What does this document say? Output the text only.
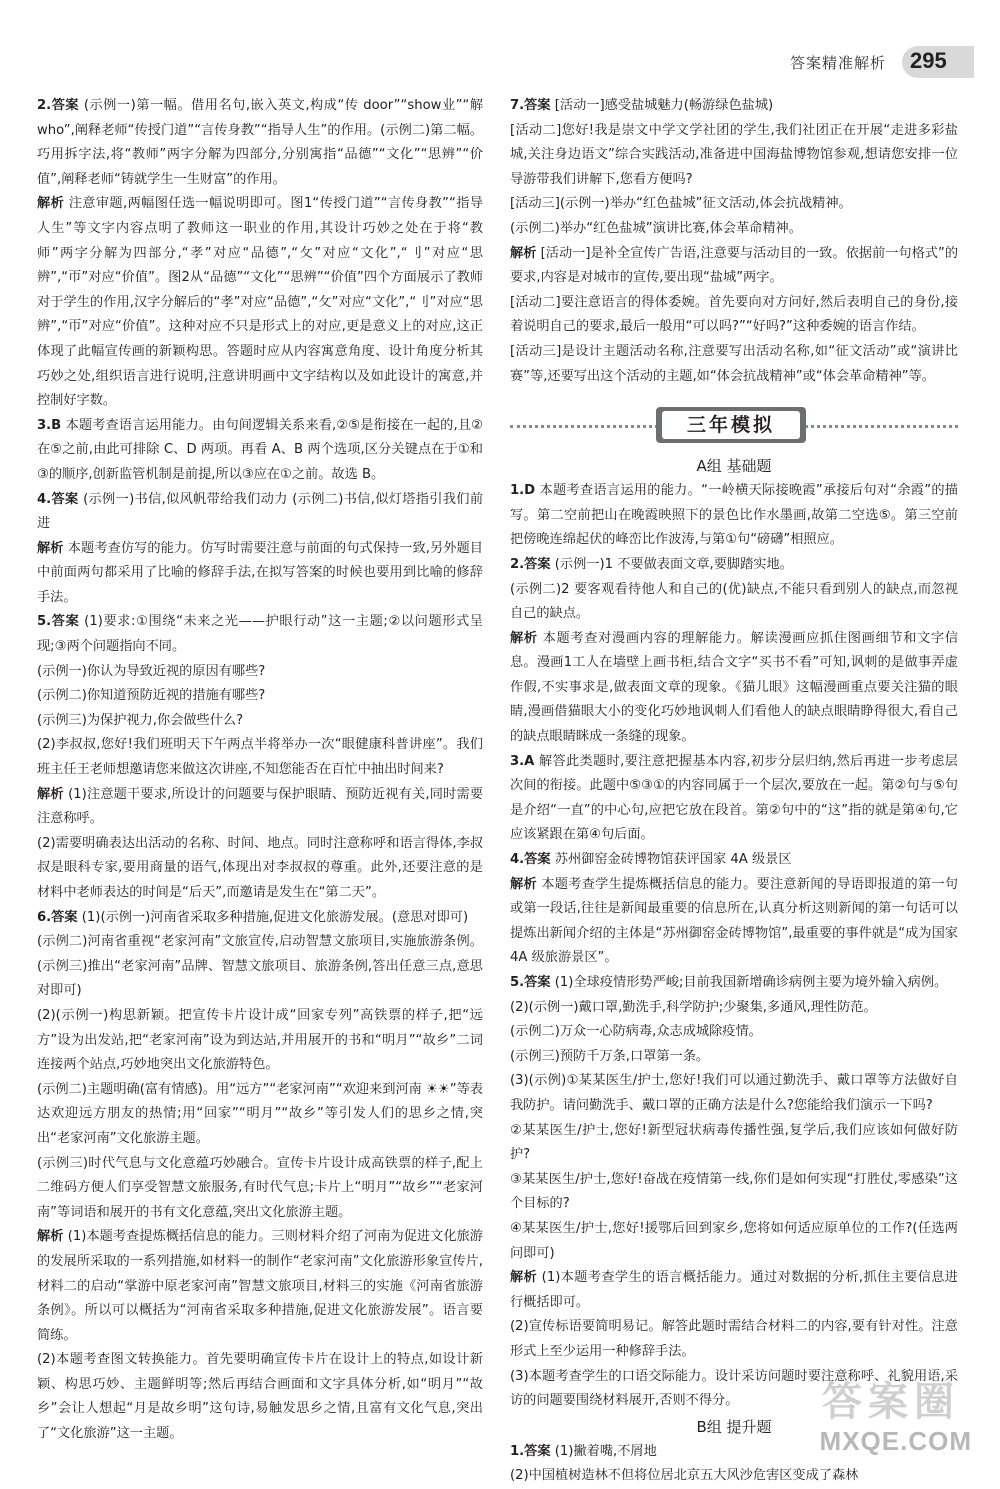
答案精准解析 295

2.答案 (示例一)第一幅。借用名句,嵌入英文,构成“传 door”“show业”“解 who”,阐释老师“传授门道”“言传身教”“指导人生”的作用。(示例二)第二幅。巧用拆字法,将“教师”两字分解为四部分,分别寓指“品德”“文化”“思辨”“价值”,阐释老师“铸就学生一生财富”的作用。

解析 注意审题,两幅图任选一幅说明即可。图1“传授门道”“言传身教”“指导人生”等文字内容点明了教师这一职业的作用,其设计巧妙之处在于将“教师”两字分解为四部分,“孝”对应“品德”,“攵”对应“文化”,“刂”对应“思辨”,“帀”对应“价值”。图2从“品德”“文化”“思辨”“价值”四个方面展示了教师对于学生的作用,汉字分解后的“孝”对应“品德”,“攵”对应“文化”,“刂”对应“思辨”,“帀”对应“价值”。这种对应不只是形式上的对应,更是意义上的对应,这正体现了此幅宣传画的新颖构思。答题时应从内容寓意角度、设计角度分析其巧妙之处,组织语言进行说明,注意讲明画中文字结构以及如此设计的寓意,并控制好字数。

3.B 本题考查语言运用能力。由句间逻辑关系来看,②⑤是衔接在一起的,且②在⑤之前,由此可排除 C、D 两项。再看 A、B 两个选项,区分关键点在于①和③的顺序,创新监管机制是前提,所以③应在①之前。故选 B。

4.答案 (示例一)书信,似风帆带给我们动力 (示例二)书信,似灯塔指引我们前进

解析 本题考查仿写的能力。仿写时需要注意与前面的句式保持一致,另外题目中前面两句都采用了比喻的修辞手法,在拟写答案的时候也要用到比喻的修辞手法。

5.答案 (1)要求:①围绕“未来之光——护眼行动”这一主题;②以问题形式呈现;③两个问题指向不同。

(示例一)你认为导致近视的原因有哪些?

(示例二)你知道预防近视的措施有哪些?

(示例三)为保护视力,你会做些什么?

(2)李叔叔,您好!我们班明天下午两点半将举办一次“眼健康科普讲座”。我们班主任王老师想邀请您来做这次讲座,不知您能否在百忙中抽出时间来?

解析 (1)注意题干要求,所设计的问题要与保护眼睛、预防近视有关,同时需要注意称呼。

(2)需要明确表达出活动的名称、时间、地点。同时注意称呼和语言得体,李叔叔是眼科专家,要用商量的语气,体现出对李叔叔的尊重。此外,还要注意的是材料中老师表达的时间是“后天”,而邀请是发生在“第二天”。

6.答案 (1)(示例一)河南省采取多种措施,促进文化旅游发展。(意思对即可)

(示例二)河南省重视“老家河南”文旅宣传,启动智慧文旅项目,实施旅游条例。(示例三)推出“老家河南”品牌、智慧文旅项目、旅游条例,答出任意三点,意思对即可)

(2)(示例一)构思新颖。把宣传卡片设计成“回家专列”高铁票的样子,把“远方”设为出发站,把“老家河南”设为到达站,并用展开的书和“明月”“故乡”二词连接两个站点,巧妙地突出文化旅游特色。

(示例二)主题明确(富有情感)。用“远方”“老家河南”“欢迎来到河南 ☀☀”等表达欢迎远方朋友的热情;用“回家”“明月”“故乡”等引发人们的思乡之情,突出“老家河南”文化旅游主题。

(示例三)时代气息与文化意蕴巧妙融合。宣传卡片设计成高铁票的样子,配上二维码方便人们享受智慧文旅服务,有时代气息;卡片上“明月”“故乡”“老家河南”等词语和展开的书有文化意蕴,突出文化旅游主题。

解析 (1)本题考查提炼概括信息的能力。三则材料介绍了河南为促进文化旅游的发展所采取的一系列措施,如材料一的制作“老家河南”文化旅游形象宣传片,材料二的启动“掌游中原老家河南”智慧文旅项目,材料三的实施《河南省旅游条例》。所以可以概括为“河南省采取多种措施,促进文化旅游发展”。语言要简练。

(2)本题考查图文转换能力。首先要明确宣传卡片在设计上的特点,如设计新颖、构思巧妙、主题鲜明等;然后再结合画面和文字具体分析,如“明月”“故乡”会让人想起“月是故乡明”这句诗,易触发思乡之情,且富有文化气息,突出了“文化旅游”这一主题。

7.答案 [活动一]感受盐城魅力(畅游绿色盐城)

[活动二]您好!我是崇文中学文学社团的学生,我们社团正在开展“走进多彩盐城,关注身边语文”综合实践活动,准备进中国海盐博物馆参观,想请您安排一位导游带我们讲解下,您看方便吗?

[活动三](示例一)举办“红色盐城”征文活动,体会抗战精神。

(示例二)举办“红色盐城”演讲比赛,体会革命精神。

解析 [活动一]是补全宣传广告语,注意要与活动目的一致。依据前一句格式”的要求,内容是对城市的宣传,要出现“盐城”两字。

[活动二]要注意语言的得体委婉。首先要向对方问好,然后表明自己的身份,接着说明自己的要求,最后一般用“可以吗?”“好吗?”这种委婉的语言作结。

[活动三]是设计主题活动名称,注意要写出活动名称,如“征文活动”或“演讲比赛”等,还要写出这个活动的主题,如“体会抗战精神”或“体会革命精神”等。

三年模拟

A组 基础题

1.D 本题考查语言运用的能力。“一岭横天际接晚霞”承接后句对“余霞”的描写。第二空前把山在晚霞映照下的景色比作水墨画,故第二空选⑤。第三空前把傍晚连绵起伏的峰峦比作波涛,与第①句“磅礴”相照应。

2.答案 (示例一)1 不要做表面文章,要脚踏实地。

(示例二)2 要客观看待他人和自己的(优)缺点,不能只看到别人的缺点,而忽视自己的缺点。

解析 本题考查对漫画内容的理解能力。解读漫画应抓住图画细节和文字信息。漫画1工人在墙壁上画书柜,结合文字“买书不看”可知,讽刺的是做事弄虚作假,不实事求是,做表面文章的现象。《猫儿眼》这幅漫画重点要关注猫的眼睛,漫画借猫眼大小的变化巧妙地讽刺人们看他人的缺点眼睛睁得很大,看自己的缺点眼睛眯成一条缝的现象。

3.A 解答此类题时,要注意把握基本内容,初步分层归纳,然后再进一步考虑层次间的衔接。此题中⑤③①的内容同属于一个层次,要放在一起。第②句与⑤句是介绍“一直”的中心句,应把它放在段首。第②句中的“这”指的就是第④句,它应该紧跟在第④句后面。

4.答案 苏州御窑金砖博物馆获评国家 4A 级景区

解析 本题考查学生提炼概括信息的能力。要注意新闻的导语即报道的第一句或第一段话,往往是新闻最重要的信息所在,认真分析这则新闻的第一句话可以提炼出新闻介绍的主体是“苏州御窑金砖博物馆”,最重要的事件就是“成为国家 4A 级旅游景区”。

5.答案 (1)全球疫情形势严峻;目前我国新增确诊病例主要为境外输入病例。

(2)(示例一)戴口罩,勤洗手,科学防护;少聚集,多通风,理性防范。

(示例二)万众一心防病毒,众志成城除疫情。

(示例三)预防千万条,口罩第一条。

(3)(示例)①某某医生/护士,您好!我们可以通过勤洗手、戴口罩等方法做好自我防护。请问勤洗手、戴口罩的正确方法是什么?您能给我们演示一下吗?

②某某医生/护士,您好!新型冠状病毒传播性强,复学后,我们应该如何做好防护?

③某某医生/护士,您好!奋战在疫情第一线,你们是如何实现“打胜仗,零感染”这个目标的?

④某某医生/护士,您好!援鄂后回到家乡,您将如何适应原单位的工作?(任选两问即可)

解析 (1)本题考查学生的语言概括能力。通过对数据的分析,抓住主要信息进行概括即可。

(2)宣传标语要简明易记。解答此题时需结合材料二的内容,要有针对性。注意形式上至少运用一种修辞手法。

(3)本题考查学生的口语交际能力。设计采访问题时要注意称呼、礼貌用语,采访的问题要围绕材料展开,否则不得分。

B组 提升题

1.答案 (1)撇着嘴,不屑地

(2)中国植树造林不但将位居北京五大风沙危害区变成了森林

答案圈
MXQE.COM
